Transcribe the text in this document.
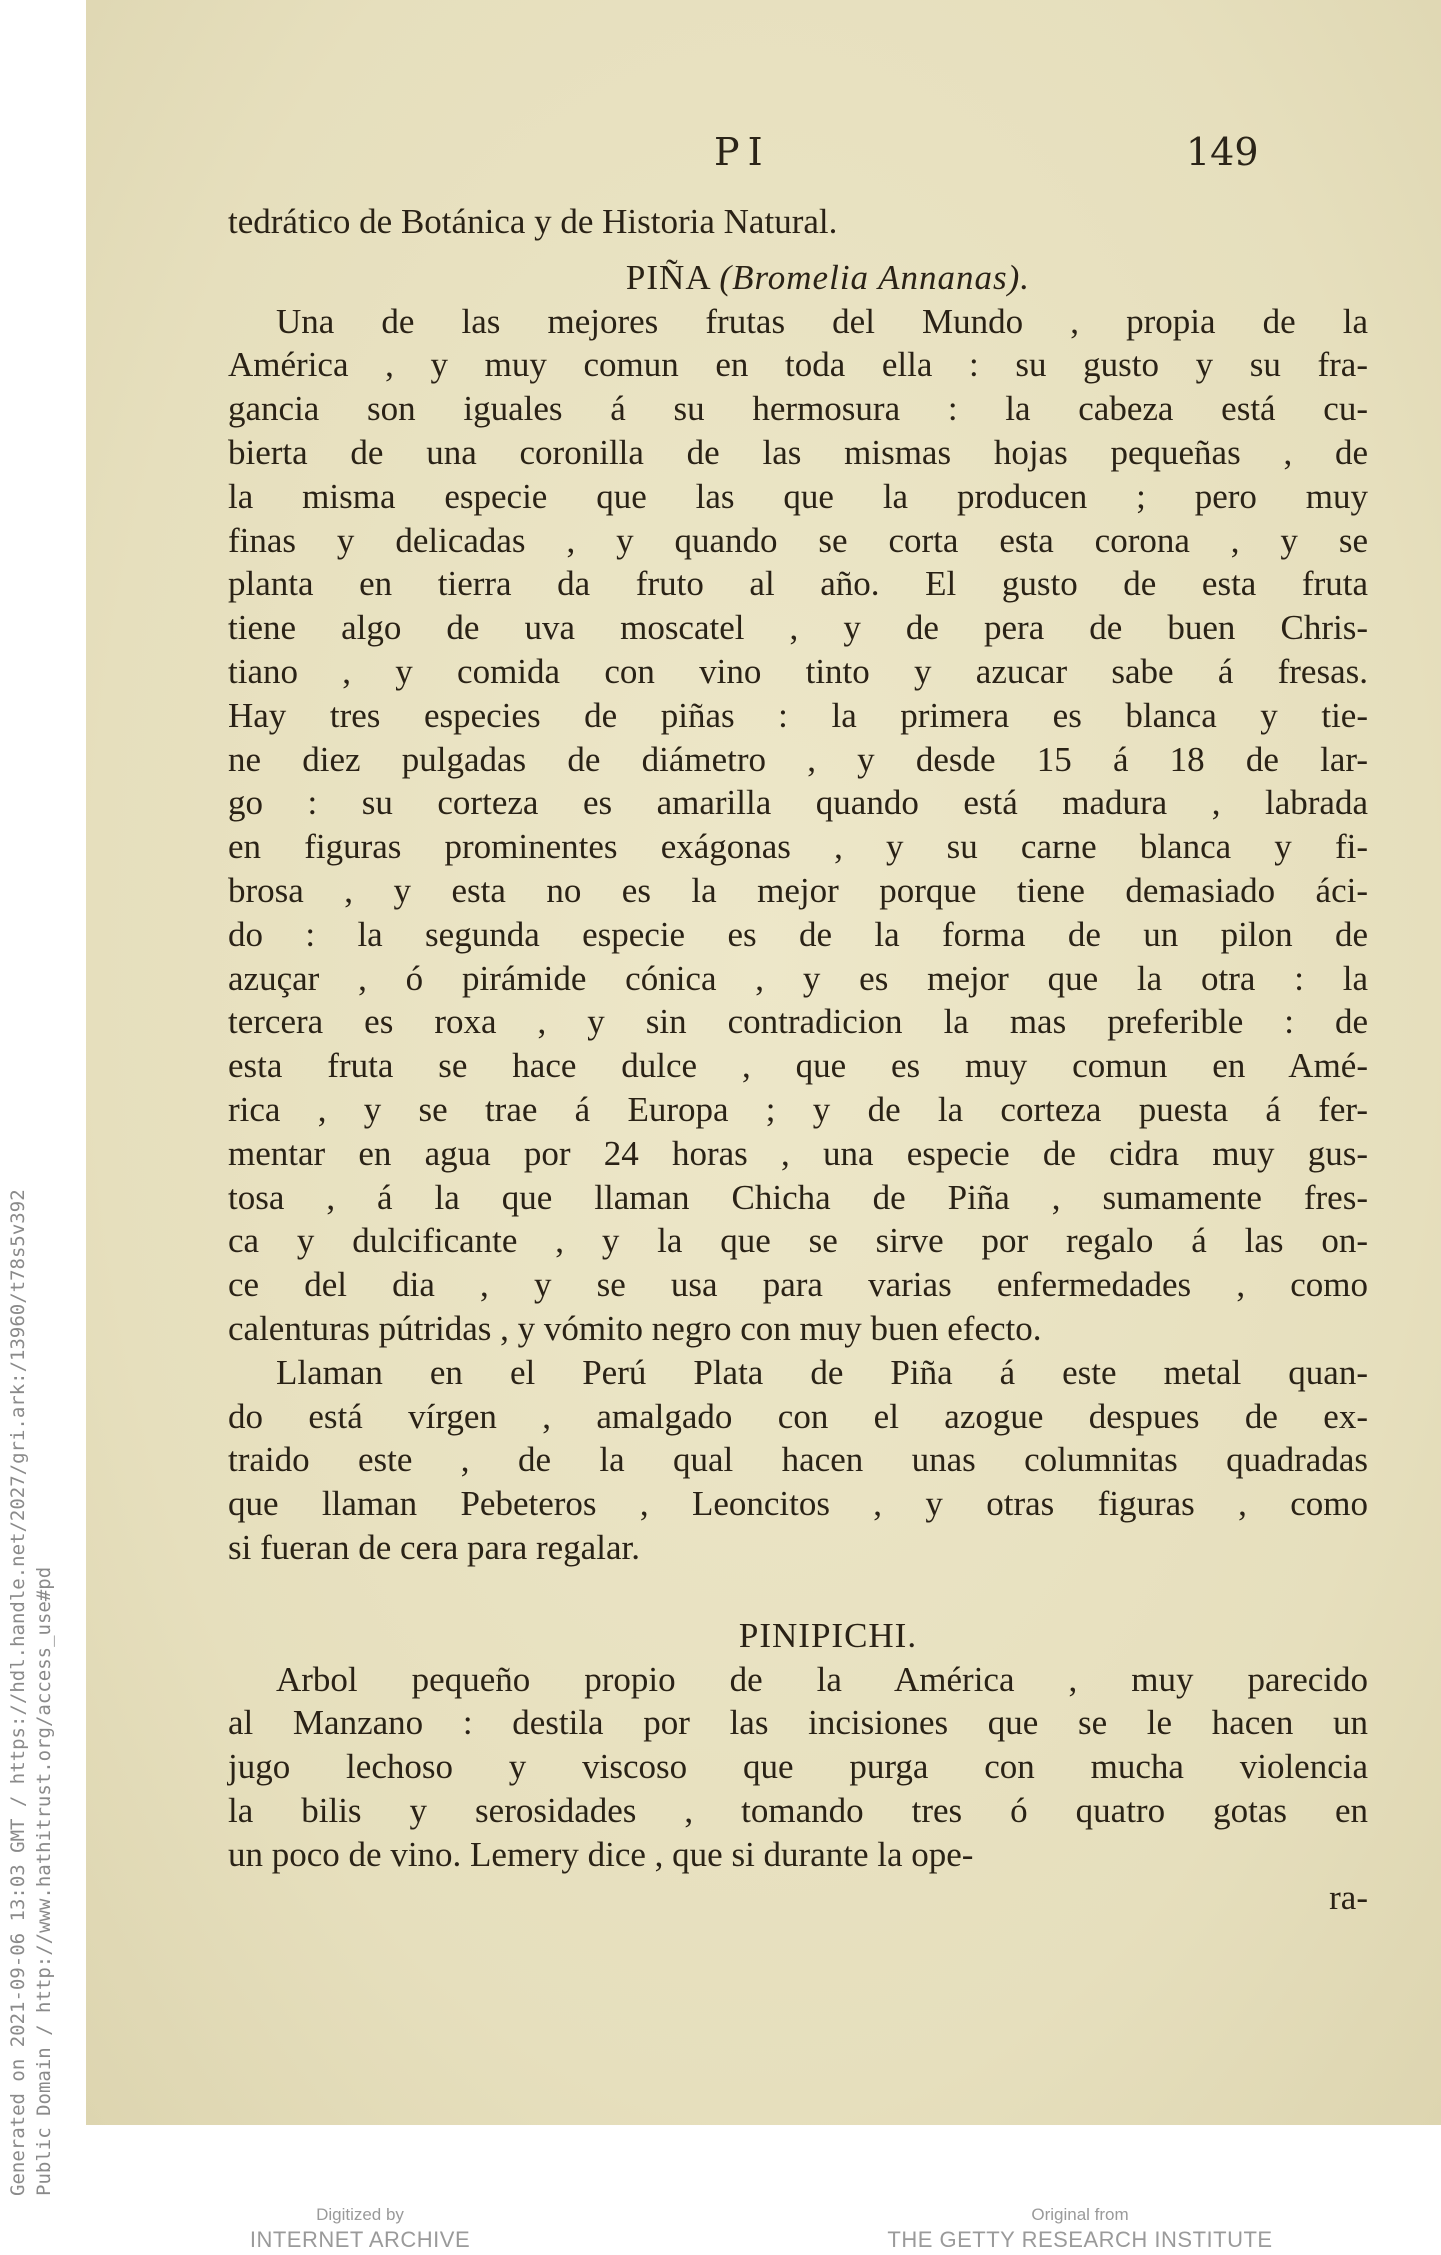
Generated on 2021-09-06 13:03 GMT / https://hdl.handle.net/2027/gri.ark:/13960/t78s5v392 Public Domain / http://www.hathitrust.org/access_use#pd
PI	149
tedrático de Botánica y de Historia Natural.
PIÑA (Bromelia Annanas).
Una de las mejores frutas del Mundo , propia de la
América , y muy comun en toda ella : su gusto y su fra-
gancia son iguales á su hermosura : la cabeza está cu-
bierta de una coronilla de las mismas hojas pequeñas , de
la misma especie que las que la producen ; pero muy
finas y delicadas , y quando se corta esta corona , y se
planta en tierra da fruto al año. El gusto de esta fruta
tiene algo de uva moscatel , y de pera de buen Chris-
tiano , y comida con vino tinto y azucar sabe á fresas.
Hay tres especies de piñas : la primera es blanca y tie-
ne diez pulgadas de diámetro , y desde 15 á 18 de lar-
go : su corteza es amarilla quando está madura , labrada
en figuras prominentes exágonas , y su carne blanca y fi-
brosa , y esta no es la mejor porque tiene demasiado áci-
do : la segunda especie es de la forma de un pilon de
azuçar , ó pirámide cónica , y es mejor que la otra : la
tercera es roxa , y sin contradicion la mas preferible : de
esta fruta se hace dulce , que es muy comun en Amé-
rica , y se trae á Europa ; y de la corteza puesta á fer-
mentar en agua por 24 horas , una especie de cidra muy gus-
tosa , á la que llaman Chicha de Piña , sumamente fres-
ca y dulcificante , y la que se sirve por regalo á las on-
ce del dia , y se usa para varias enfermedades , como
calenturas pútridas , y vómito negro con muy buen efecto.
Llaman en el Perú Plata de Piña á este metal quan-
do está vírgen , amalgado con el azogue despues de ex-
traido este , de la qual hacen unas columnitas quadradas
que llaman Pebeteros , Leoncitos , y otras figuras , como
si fueran de cera para regalar.
PINIPICHI.
Arbol pequeño propio de la América , muy parecido
al Manzano : destila por las incisiones que se le hacen un
jugo lechoso y viscoso que purga con mucha violencia
la bilis y serosidades , tomando tres ó quatro gotas en
un poco de vino. Lemery dice , que si durante la ope-
ra-
Digitized by
INTERNET ARCHIVE
Original from
THE GETTY RESEARCH INSTITUTE
